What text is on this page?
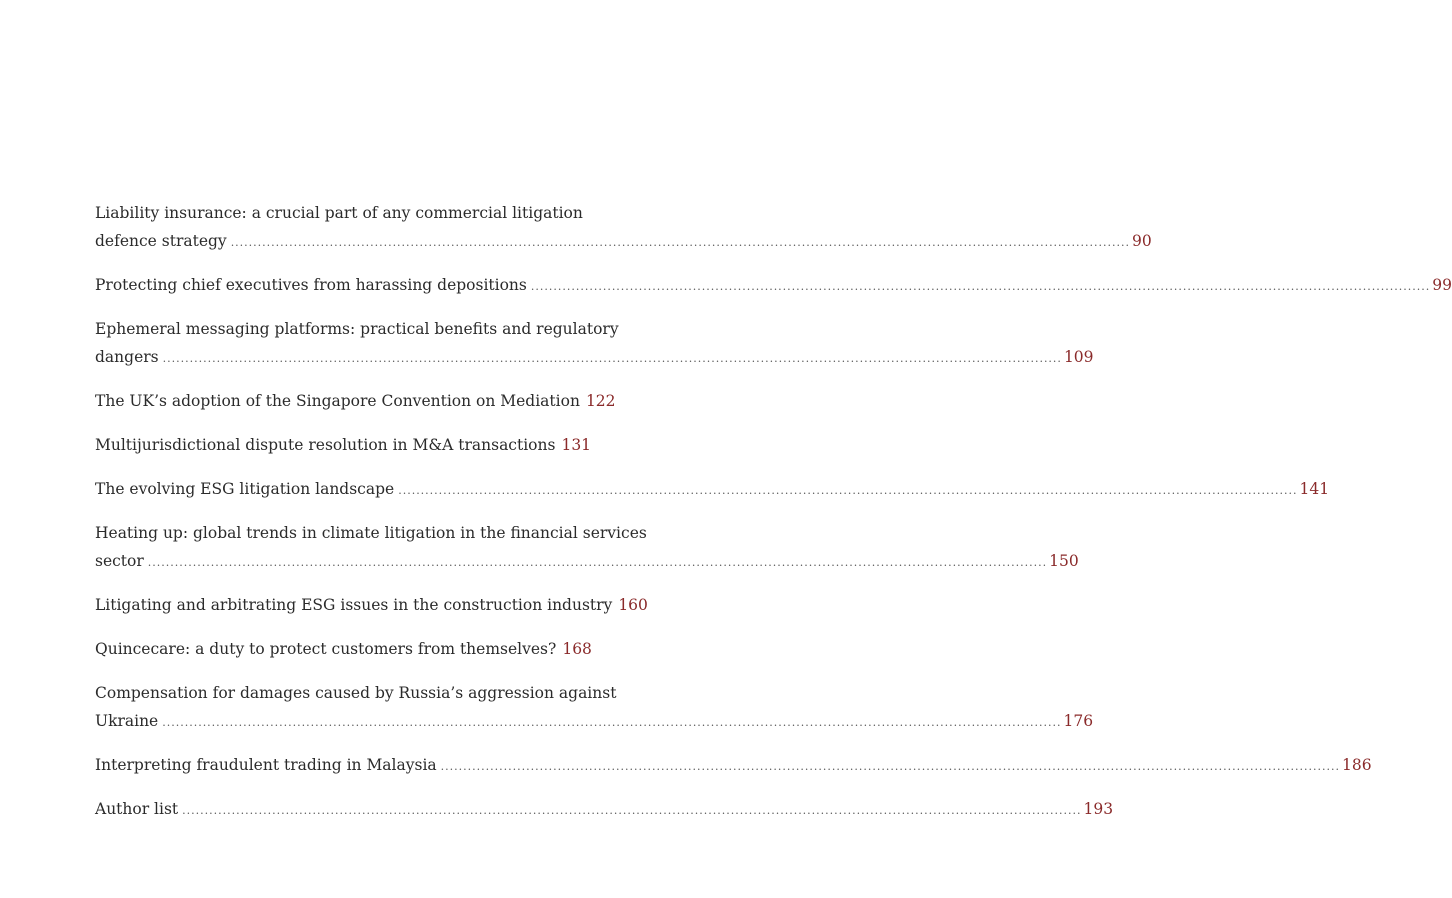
Liability insurance: a crucial part of any commercial litigation
defence strategy ........................................................................................................................................................................................................ 90
Protecting chief executives from harassing depositions ........................................................................................................................................................................................................ 99
Ephemeral messaging platforms: practical benefits and regulatory
dangers ........................................................................................................................................................................................................ 109
The UK’s adoption of the Singapore Convention on Mediation 122
Multijurisdictional dispute resolution in M&A transactions 131
The evolving ESG litigation landscape ........................................................................................................................................................................................................ 141
Heating up: global trends in climate litigation in the financial services
sector ........................................................................................................................................................................................................ 150
Litigating and arbitrating ESG issues in the construction industry 160
Quincecare: a duty to protect customers from themselves? 168
Compensation for damages caused by Russia’s aggression against
Ukraine ........................................................................................................................................................................................................ 176
Interpreting fraudulent trading in Malaysia ........................................................................................................................................................................................................ 186
Author list ........................................................................................................................................................................................................ 193
